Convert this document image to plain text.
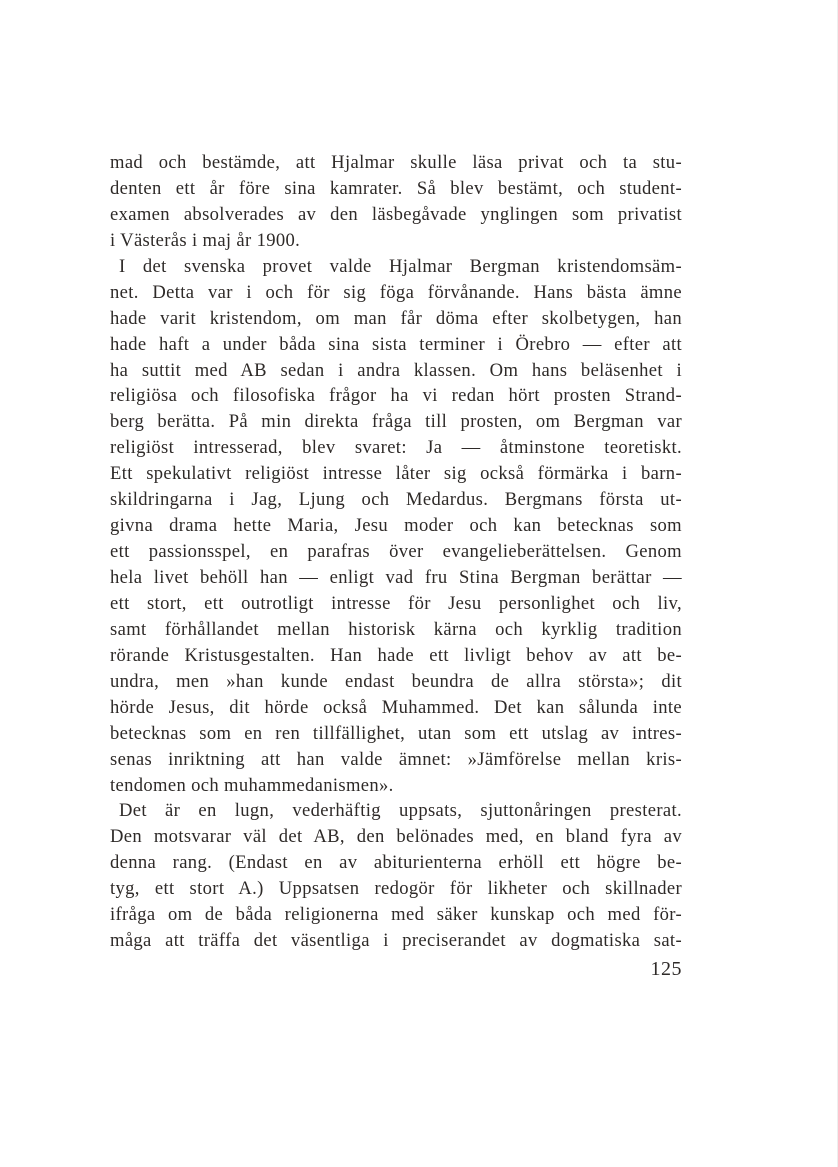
mad och bestämde, att Hjalmar skulle läsa privat och ta stu-
denten ett år före sina kamrater. Så blev bestämt, och student-
examen absolverades av den läsbegåvade ynglingen som privatist
i Västerås i maj år 1900.
I det svenska provet valde Hjalmar Bergman kristendomsäm-
net. Detta var i och för sig föga förvånande. Hans bästa ämne
hade varit kristendom, om man får döma efter skolbetygen, han
hade haft a under båda sina sista terminer i Örebro — efter att
ha suttit med AB sedan i andra klassen. Om hans beläsenhet i
religiösa och filosofiska frågor ha vi redan hört prosten Strand-
berg berätta. På min direkta fråga till prosten, om Bergman var
religiöst intresserad, blev svaret: Ja — åtminstone teoretiskt.
Ett spekulativt religiöst intresse låter sig också förmärka i barn-
skildringarna i Jag, Ljung och Medardus. Bergmans första ut-
givna drama hette Maria, Jesu moder och kan betecknas som
ett passionsspel, en parafras över evangelieberättelsen. Genom
hela livet behöll han — enligt vad fru Stina Bergman berättar —
ett stort, ett outrotligt intresse för Jesu personlighet och liv,
samt förhållandet mellan historisk kärna och kyrklig tradition
rörande Kristusgestalten. Han hade ett livligt behov av att be-
undra, men »han kunde endast beundra de allra största»; dit
hörde Jesus, dit hörde också Muhammed. Det kan sålunda inte
betecknas som en ren tillfällighet, utan som ett utslag av intres-
senas inriktning att han valde ämnet: »Jämförelse mellan kris-
tendomen och muhammedanismen».
Det är en lugn, vederhäftig uppsats, sjuttonåringen presterat.
Den motsvarar väl det AB, den belönades med, en bland fyra av
denna rang. (Endast en av abiturienterna erhöll ett högre be-
tyg, ett stort A.) Uppsatsen redogör för likheter och skillnader
ifråga om de båda religionerna med säker kunskap och med för-
måga att träffa det väsentliga i preciserandet av dogmatiska sat-
125
